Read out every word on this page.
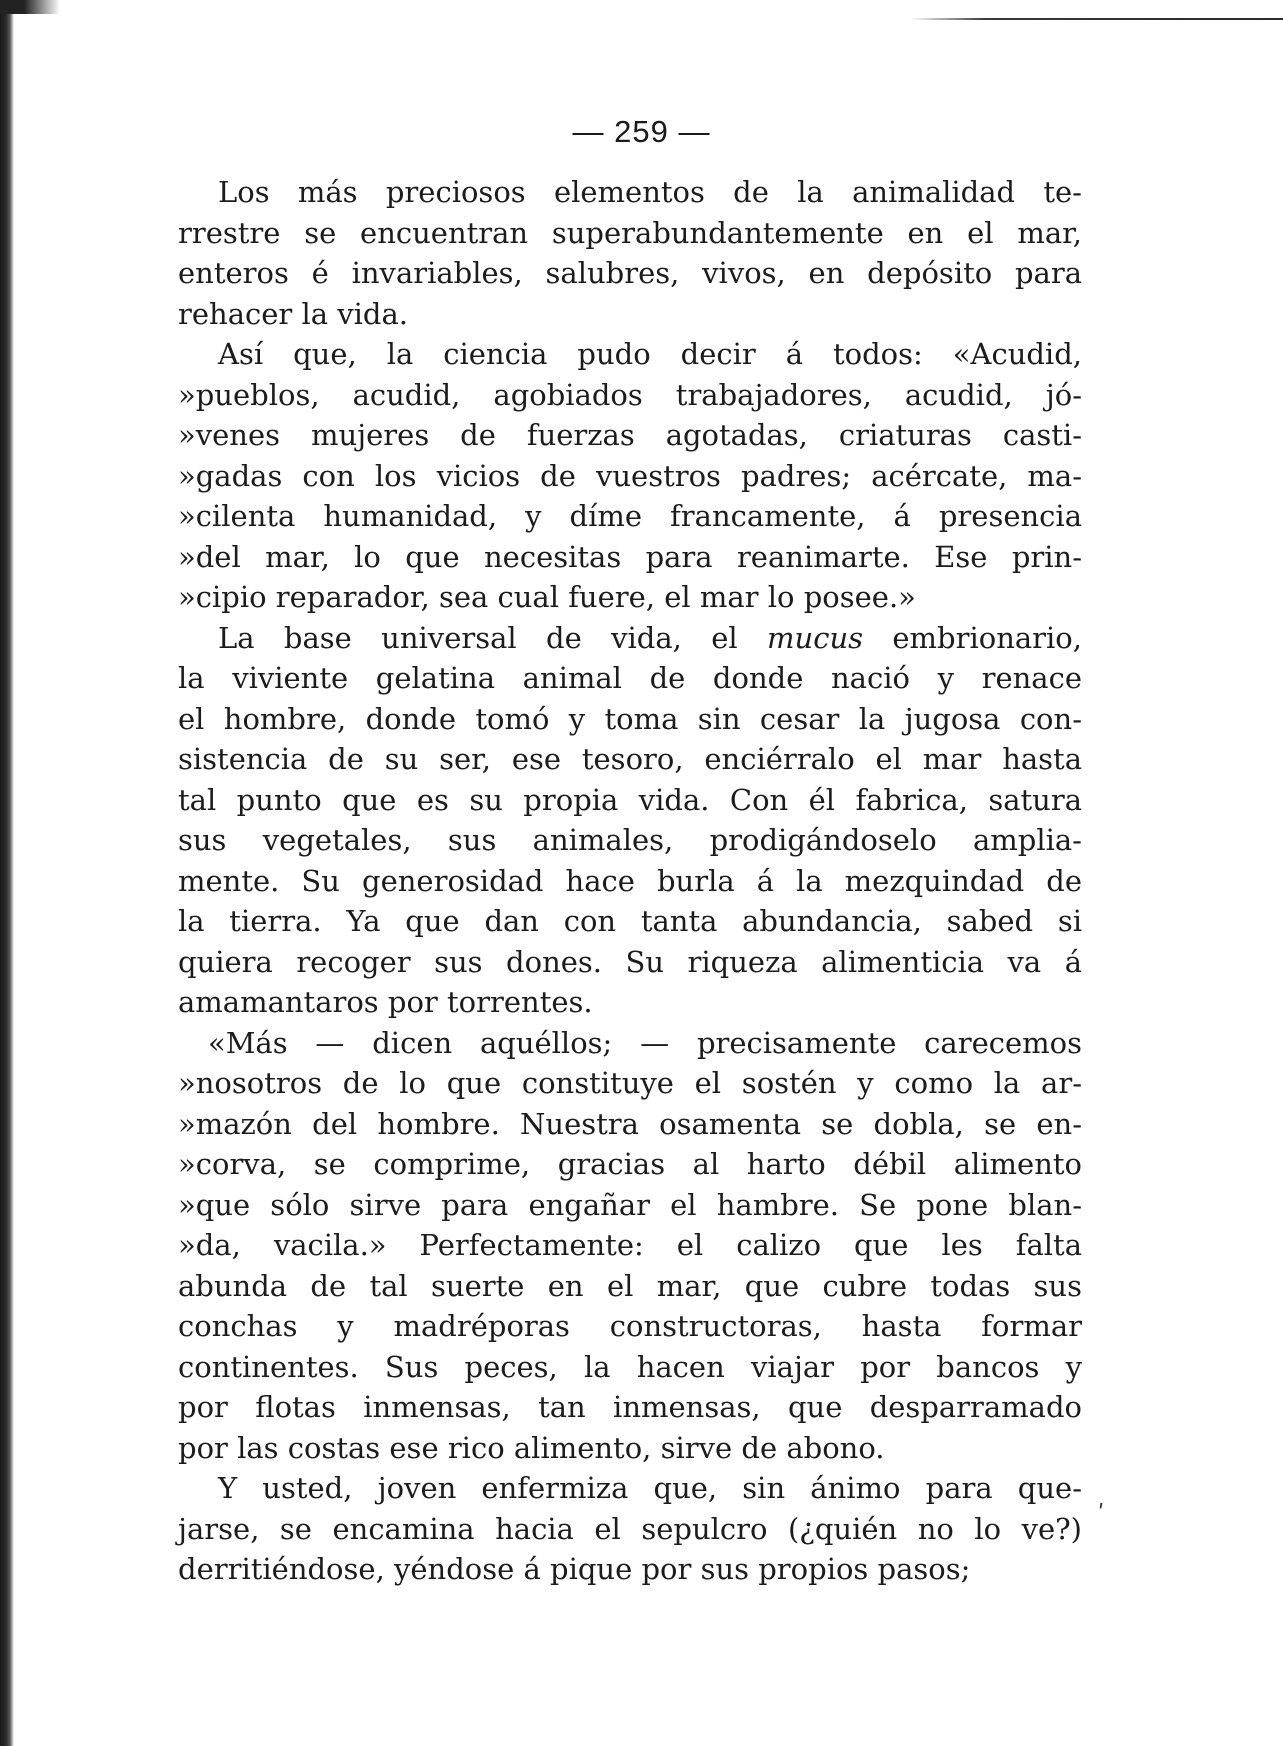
— 259 —
Los más preciosos elementos de la animalidad te-
rrestre se encuentran superabundantemente en el mar,
enteros é invariables, salubres, vivos, en depósito para
rehacer la vida.
Así que, la ciencia pudo decir á todos: «Acudid,
»pueblos, acudid, agobiados trabajadores, acudid, jó-
»venes mujeres de fuerzas agotadas, criaturas casti-
»gadas con los vicios de vuestros padres; acércate, ma-
»cilenta humanidad, y díme francamente, á presencia
»del mar, lo que necesitas para reanimarte. Ese prin-
»cipio reparador, sea cual fuere, el mar lo posee.»
La base universal de vida, el mucus embrionario,
la viviente gelatina animal de donde nació y renace
el hombre, donde tomó y toma sin cesar la jugosa con-
sistencia de su ser, ese tesoro, enciérralo el mar hasta
tal punto que es su propia vida. Con él fabrica, satura
sus vegetales, sus animales, prodigándoselo amplia-
mente. Su generosidad hace burla á la mezquindad de
la tierra. Ya que dan con tanta abundancia, sabed si
quiera recoger sus dones. Su riqueza alimenticia va á
amamantaros por torrentes.
«Más — dicen aquéllos; — precisamente carecemos
»nosotros de lo que constituye el sostén y como la ar-
»mazón del hombre. Nuestra osamenta se dobla, se en-
»corva, se comprime, gracias al harto débil alimento
»que sólo sirve para engañar el hambre. Se pone blan-
»da, vacila.» Perfectamente: el calizo que les falta
abunda de tal suerte en el mar, que cubre todas sus
conchas y madréporas constructoras, hasta formar
continentes. Sus peces, la hacen viajar por bancos y
por flotas inmensas, tan inmensas, que desparramado
por las costas ese rico alimento, sirve de abono.
Y usted, joven enfermiza que, sin ánimo para que-
jarse, se encamina hacia el sepulcro (¿quién no lo ve?)
derritiéndose, yéndose á pique por sus propios pasos;
ʹ
